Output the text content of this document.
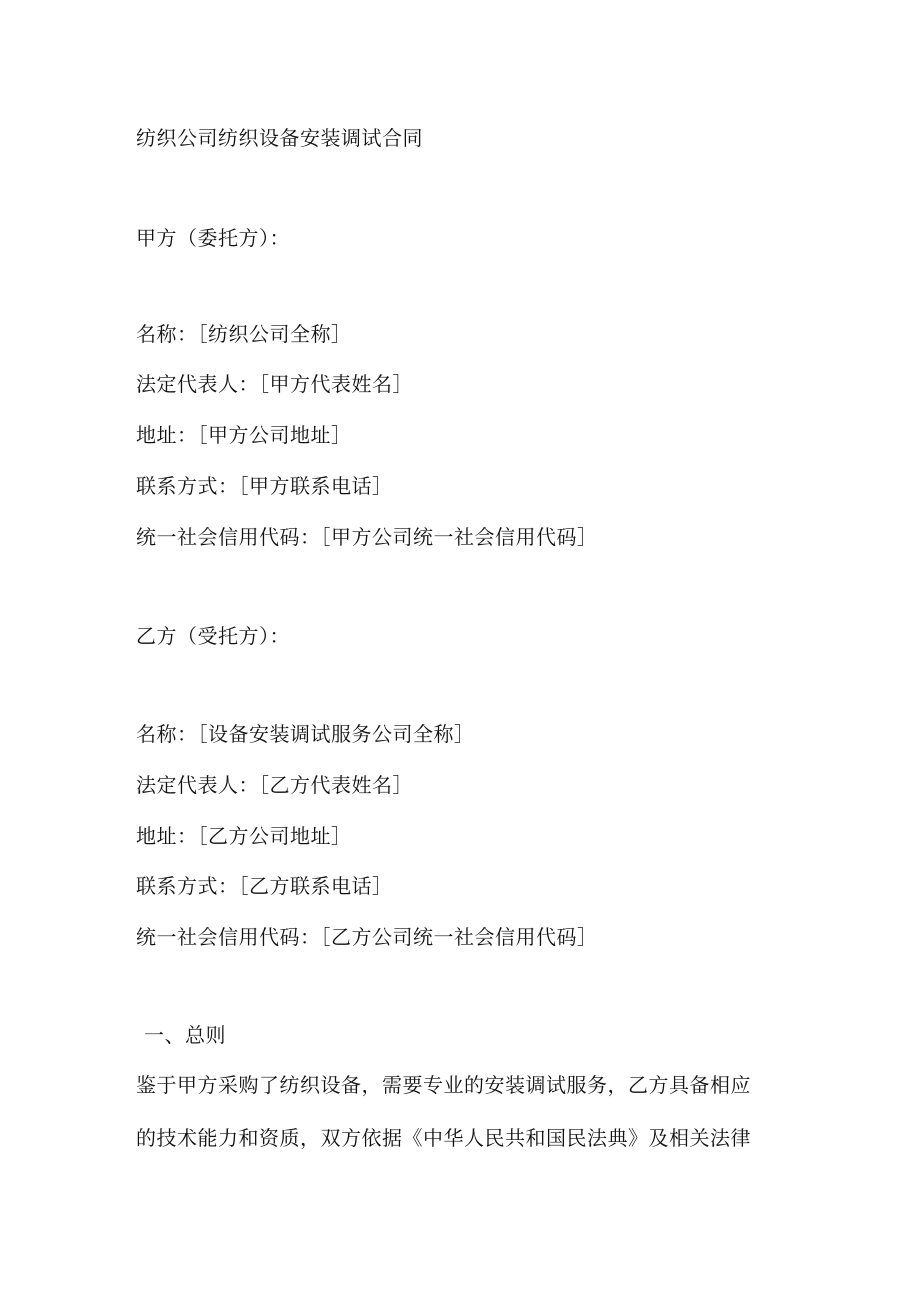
纺织公司纺织设备安装调试合同
甲方（委托方）：
名称：［纺织公司全称］
法定代表人：［甲方代表姓名］
地址：［甲方公司地址］
联系方式：［甲方联系电话］
统一社会信用代码：［甲方公司统一社会信用代码］
乙方（受托方）：
名称：［设备安装调试服务公司全称］
法定代表人：［乙方代表姓名］
地址：［乙方公司地址］
联系方式：［乙方联系电话］
统一社会信用代码：［乙方公司统一社会信用代码］
一、总则
鉴于甲方采购了纺织设备，需要专业的安装调试服务，乙方具备相应
的技术能力和资质，双方依据《中华人民共和国民法典》及相关法律
